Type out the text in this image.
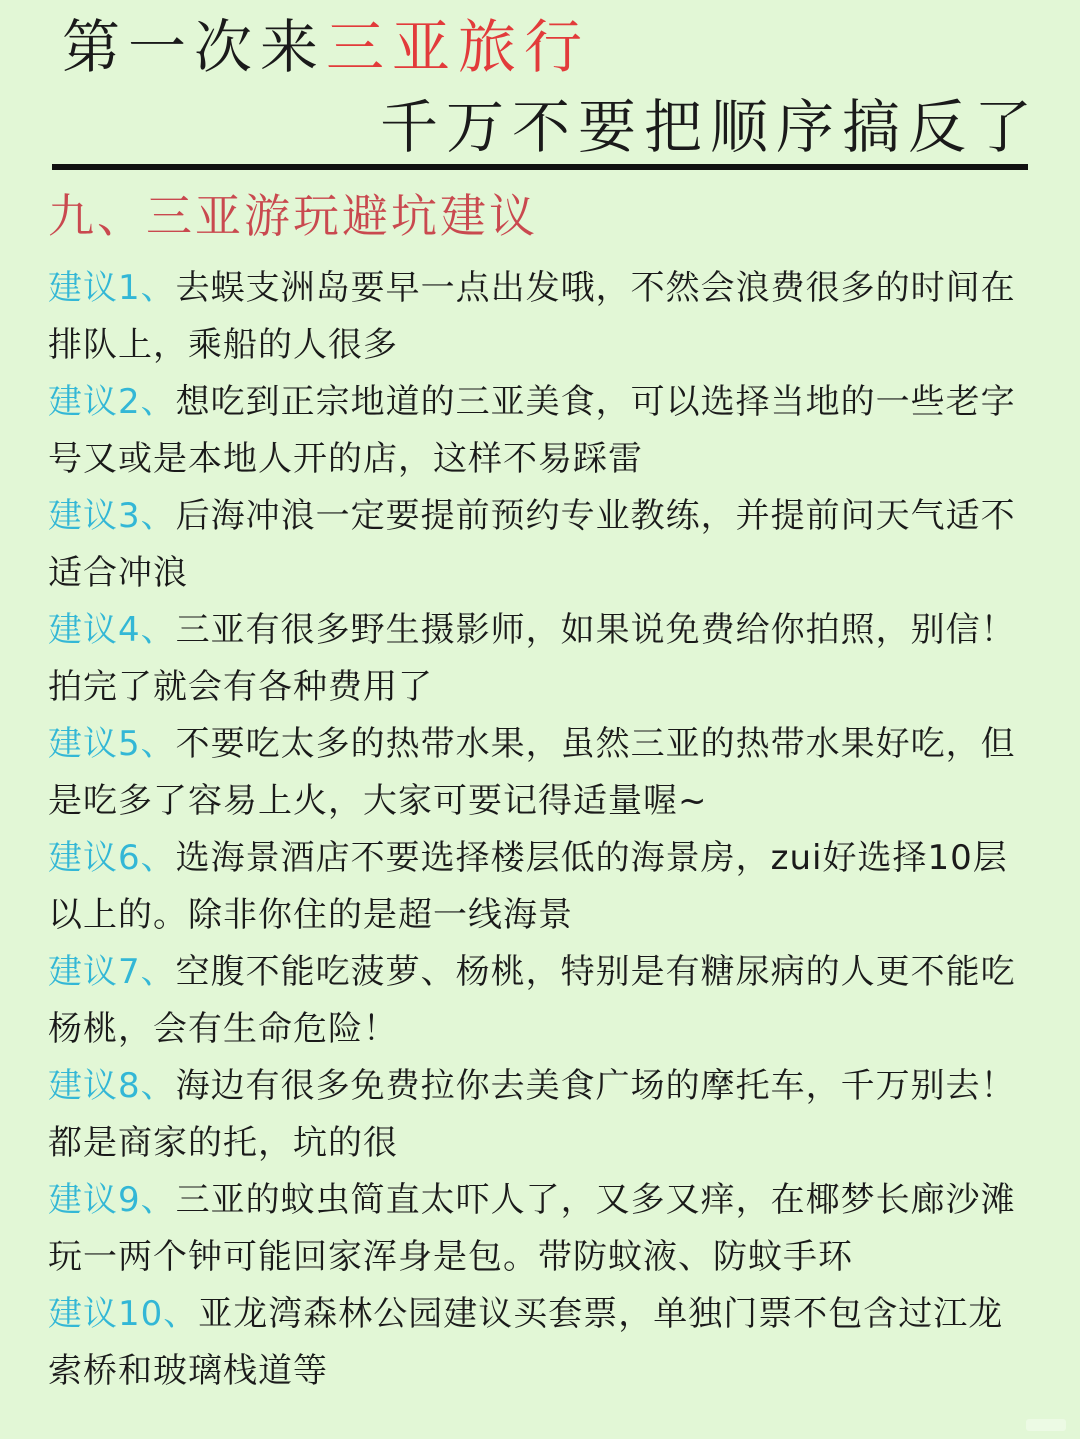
第一次来三亚旅行
千万不要把顺序搞反了
九、三亚游玩避坑建议
建议1、去蜈支洲岛要早一点出发哦，不然会浪费很多的时间在排队上，乘船的人很多
建议2、想吃到正宗地道的三亚美食，可以选择当地的一些老字号又或是本地人开的店，这样不易踩雷
建议3、后海冲浪一定要提前预约专业教练，并提前问天气适不适合冲浪
建议4、三亚有很多野生摄影师，如果说免费给你拍照，别信！拍完了就会有各种费用了
建议5、不要吃太多的热带水果，虽然三亚的热带水果好吃，但是吃多了容易上火，大家可要记得适量喔~
建议6、选海景酒店不要选择楼层低的海景房，zui好选择10层以上的。除非你住的是超一线海景
建议7、空腹不能吃菠萝、杨桃，特别是有糖尿病的人更不能吃杨桃，会有生命危险！
建议8、海边有很多免费拉你去美食广场的摩托车，千万别去！都是商家的托，坑的很
建议9、三亚的蚊虫简直太吓人了，又多又痒，在椰梦长廊沙滩玩一两个钟可能回家浑身是包。带防蚊液、防蚊手环
建议10、亚龙湾森林公园建议买套票，单独门票不包含过江龙索桥和玻璃栈道等
